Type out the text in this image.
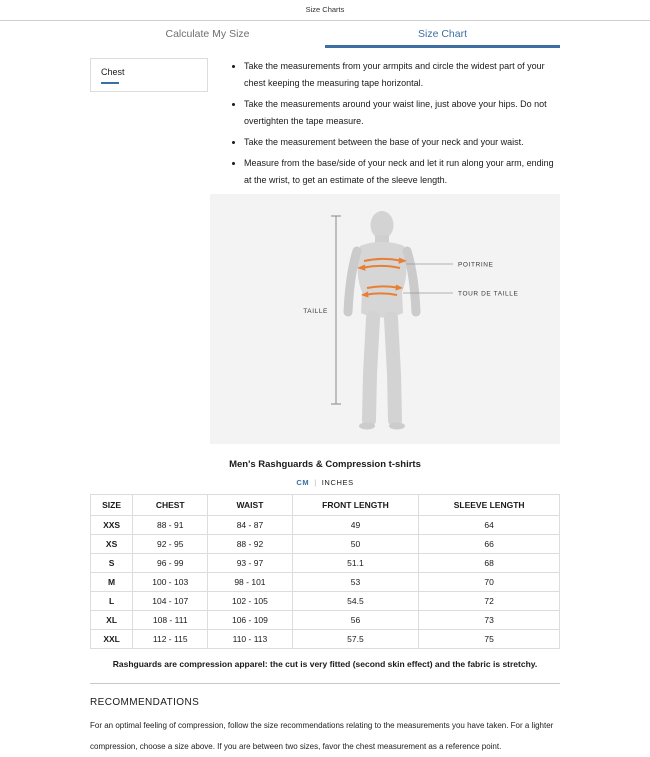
Size Charts
Calculate My Size	Size Chart
Chest
• Take the measurements from your armpits and circle the widest part of your chest keeping the measuring tape horizontal.
• Take the measurements around your waist line, just above your hips. Do not overtighten the tape measure.
• Take the measurement between the base of your neck and your waist.
• Measure from the base/side of your neck and let it run along your arm, ending at the wrist, to get an estimate of the sleeve length.
TAILLE
POITRINE
TOUR DE TAILLE
Men's Rashguards & Compression t-shirts
CM | INCHES
SIZE	CHEST	WAIST	FRONT LENGTH	SLEEVE LENGTH
XXS	88 - 91	84 - 87	49	64
XS	92 - 95	88 - 92	50	66
S	96 - 99	93 - 97	51.1	68
M	100 - 103	98 - 101	53	70
L	104 - 107	102 - 105	54.5	72
XL	108 - 111	106 - 109	56	73
XXL	112 - 115	110 - 113	57.5	75

Rashguards are compression apparel: the cut is very fitted (second skin effect) and the fabric is stretchy.

RECOMMENDATIONS

For an optimal feeling of compression, follow the size recommendations relating to the measurements you have taken. For a lighter compression, choose a size above. If you are between two sizes, favor the chest measurement as a reference point.
